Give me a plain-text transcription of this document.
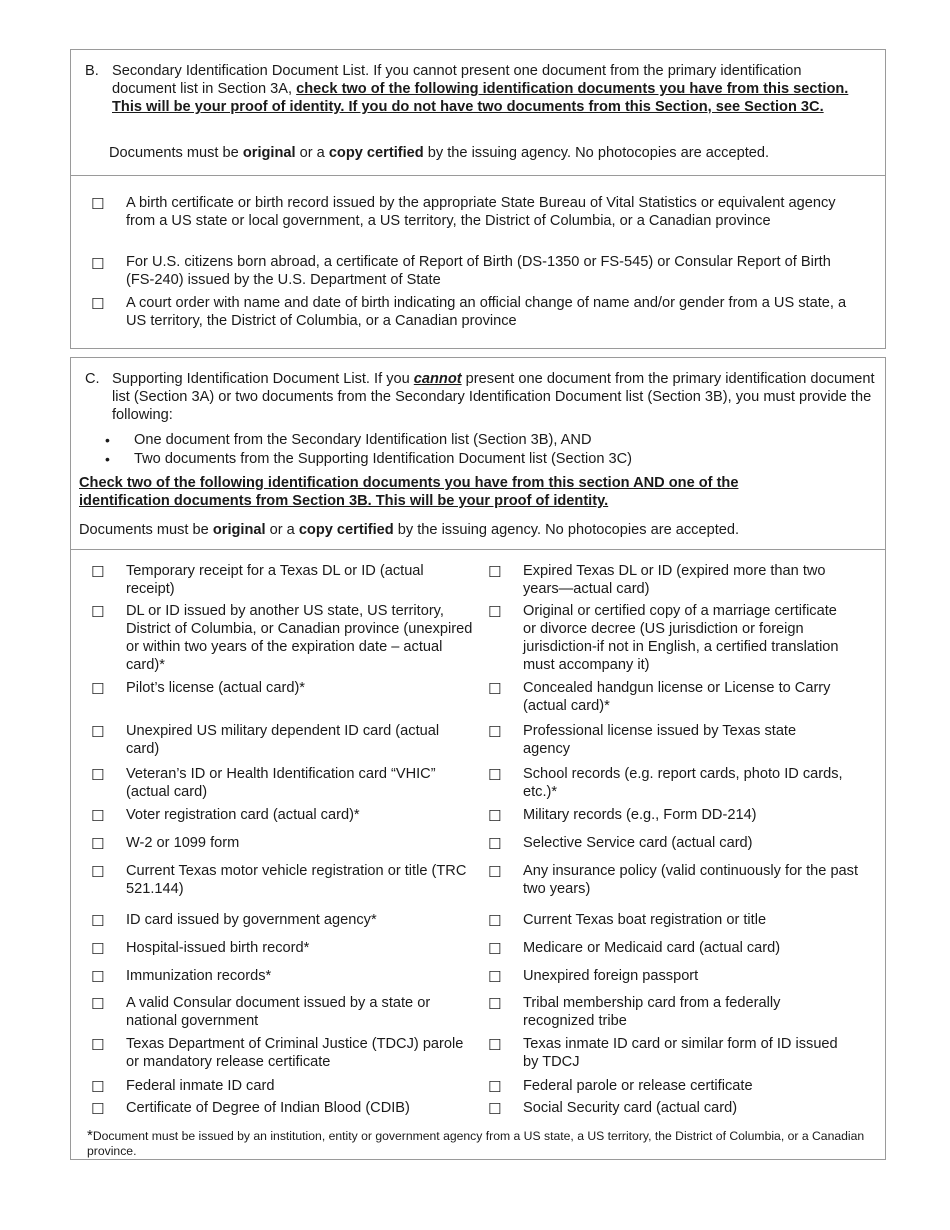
B. Secondary Identification Document List. If you cannot present one document from the primary identification document list in Section 3A, check two of the following identification documents you have from this section. This will be your proof of identity. If you do not have two documents from this Section, see Section 3C.
Documents must be original or a copy certified by the issuing agency. No photocopies are accepted.
☐ A birth certificate or birth record issued by the appropriate State Bureau of Vital Statistics or equivalent agency from a US state or local government, a US territory, the District of Columbia, or a Canadian province
☐ For U.S. citizens born abroad, a certificate of Report of Birth (DS-1350 or FS-545) or Consular Report of Birth (FS-240) issued by the U.S. Department of State
☐ A court order with name and date of birth indicating an official change of name and/or gender from a US state, a US territory, the District of Columbia, or a Canadian province
C. Supporting Identification Document List. If you cannot present one document from the primary identification document list (Section 3A) or two documents from the Secondary Identification Document list (Section 3B), you must provide the following:
• One document from the Secondary Identification list (Section 3B), AND
• Two documents from the Supporting Identification Document list (Section 3C)
Check two of the following identification documents you have from this section AND one of the identification documents from Section 3B. This will be your proof of identity.
Documents must be original or a copy certified by the issuing agency. No photocopies are accepted.
☐ Temporary receipt for a Texas DL or ID (actual receipt)
☐ DL or ID issued by another US state, US territory, District of Columbia, or Canadian province (unexpired or within two years of the expiration date – actual card)*
☐ Pilot’s license (actual card)*
☐ Unexpired US military dependent ID card (actual card)
☐ Veteran’s ID or Health Identification card “VHIC” (actual card)
☐ Voter registration card (actual card)*
☐ W-2 or 1099 form
☐ Current Texas motor vehicle registration or title (TRC 521.144)
☐ ID card issued by government agency*
☐ Hospital-issued birth record*
☐ Immunization records*
☐ A valid Consular document issued by a state or national government
☐ Texas Department of Criminal Justice (TDCJ) parole or mandatory release certificate
☐ Federal inmate ID card
☐ Certificate of Degree of Indian Blood (CDIB)
☐ Expired Texas DL or ID (expired more than two years—actual card)
☐ Original or certified copy of a marriage certificate or divorce decree (US jurisdiction or foreign jurisdiction-if not in English, a certified translation must accompany it)
☐ Concealed handgun license or License to Carry (actual card)*
☐ Professional license issued by Texas state agency
☐ School records (e.g. report cards, photo ID cards, etc.)*
☐ Military records (e.g., Form DD-214)
☐ Selective Service card (actual card)
☐ Any insurance policy (valid continuously for the past two years)
☐ Current Texas boat registration or title
☐ Medicare or Medicaid card (actual card)
☐ Unexpired foreign passport
☐ Tribal membership card from a federally recognized tribe
☐ Texas inmate ID card or similar form of ID issued by TDCJ
☐ Federal parole or release certificate
☐ Social Security card (actual card)
*Document must be issued by an institution, entity or government agency from a US state, a US territory, the District of Columbia, or a Canadian province.
